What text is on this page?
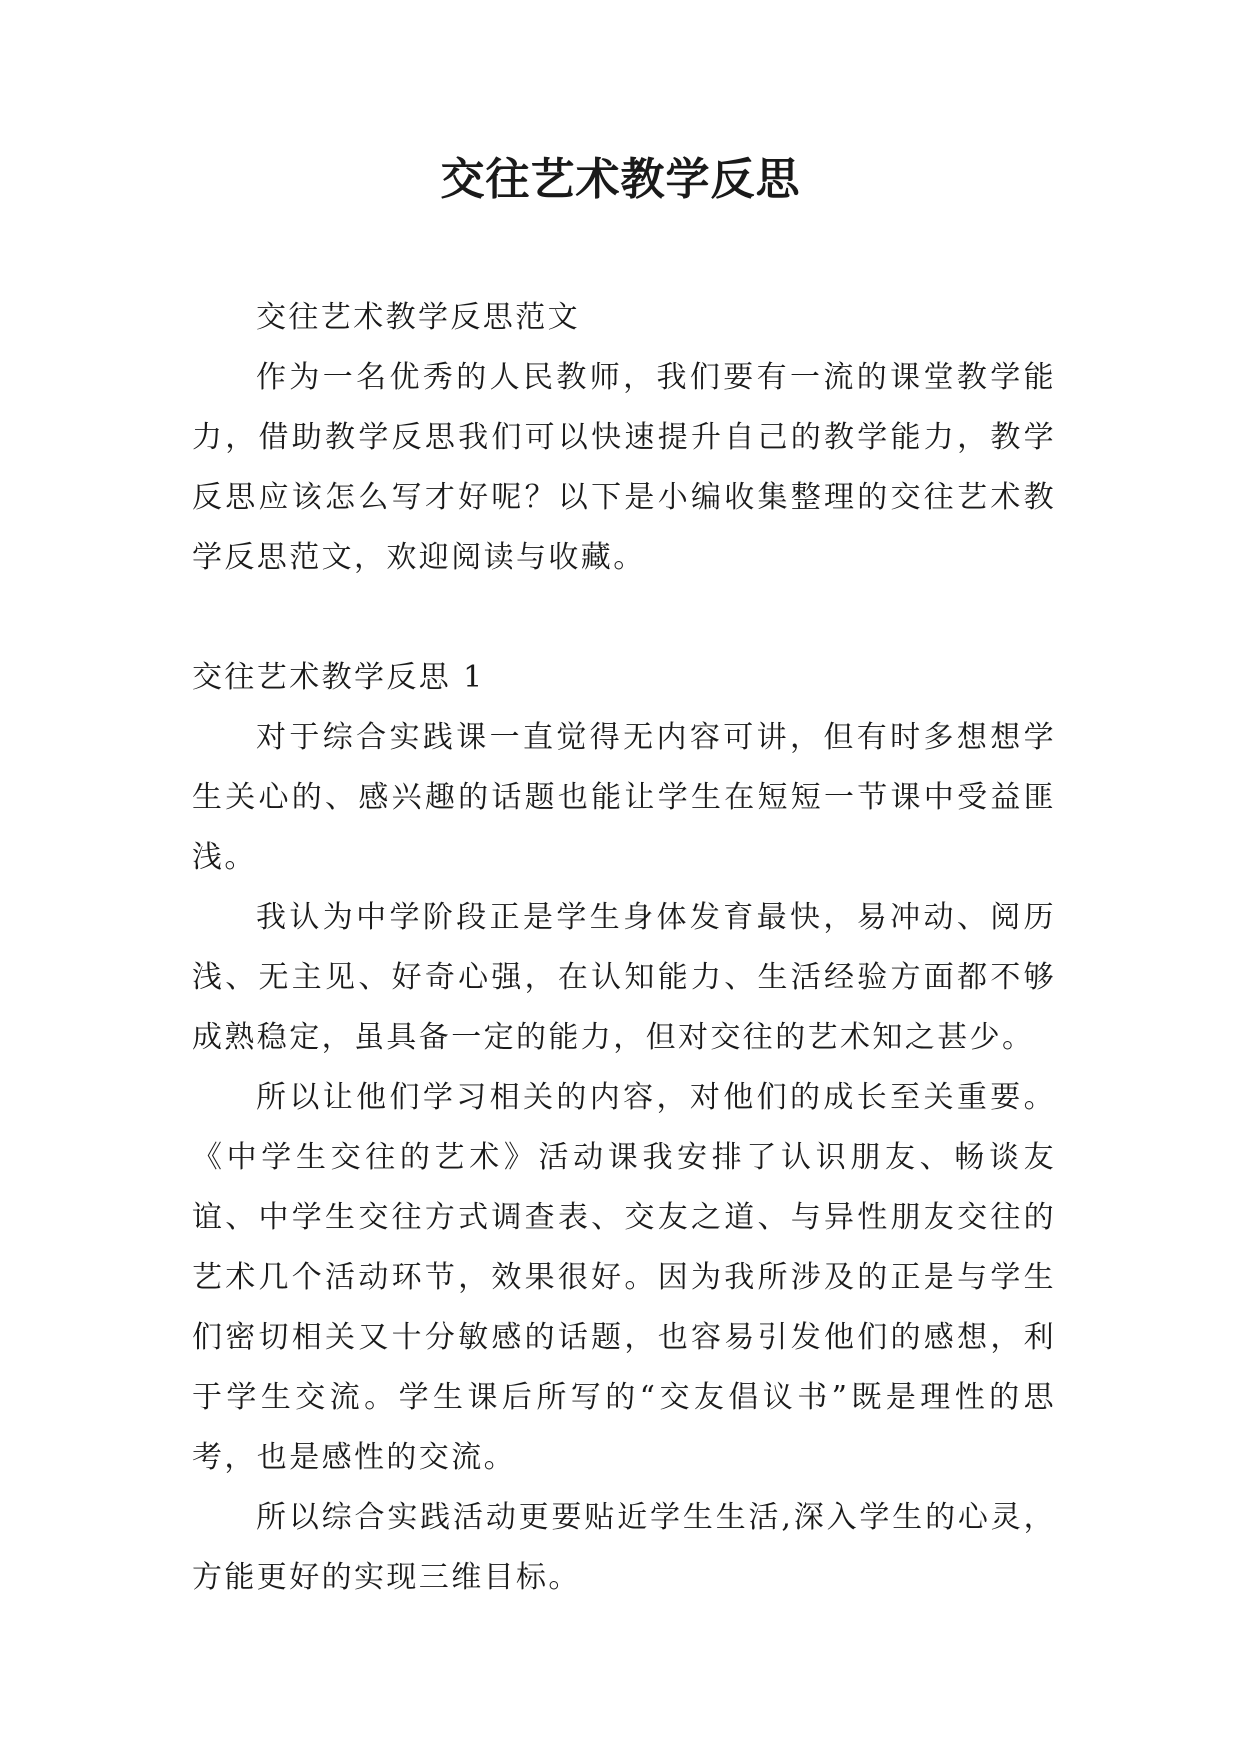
交往艺术教学反思

交往艺术教学反思范文

作为一名优秀的人民教师，我们要有一流的课堂教学能力，借助教学反思我们可以快速提升自己的教学能力，教学反思应该怎么写才好呢？以下是小编收集整理的交往艺术教学反思范文，欢迎阅读与收藏。

交往艺术教学反思 1

对于综合实践课一直觉得无内容可讲，但有时多想想学生关心的、感兴趣的话题也能让学生在短短一节课中受益匪浅。

我认为中学阶段正是学生身体发育最快，易冲动、阅历浅、无主见、好奇心强，在认知能力、生活经验方面都不够成熟稳定，虽具备一定的能力，但对交往的艺术知之甚少。

所以让他们学习相关的内容，对他们的成长至关重要。《中学生交往的艺术》活动课我安排了认识朋友、畅谈友谊、中学生交往方式调查表、交友之道、与异性朋友交往的艺术几个活动环节，效果很好。因为我所涉及的正是与学生们密切相关又十分敏感的话题，也容易引发他们的感想，利于学生交流。学生课后所写的“交友倡议书”既是理性的思考，也是感性的交流。

所以综合实践活动更要贴近学生生活,深入学生的心灵，方能更好的实现三维目标。
